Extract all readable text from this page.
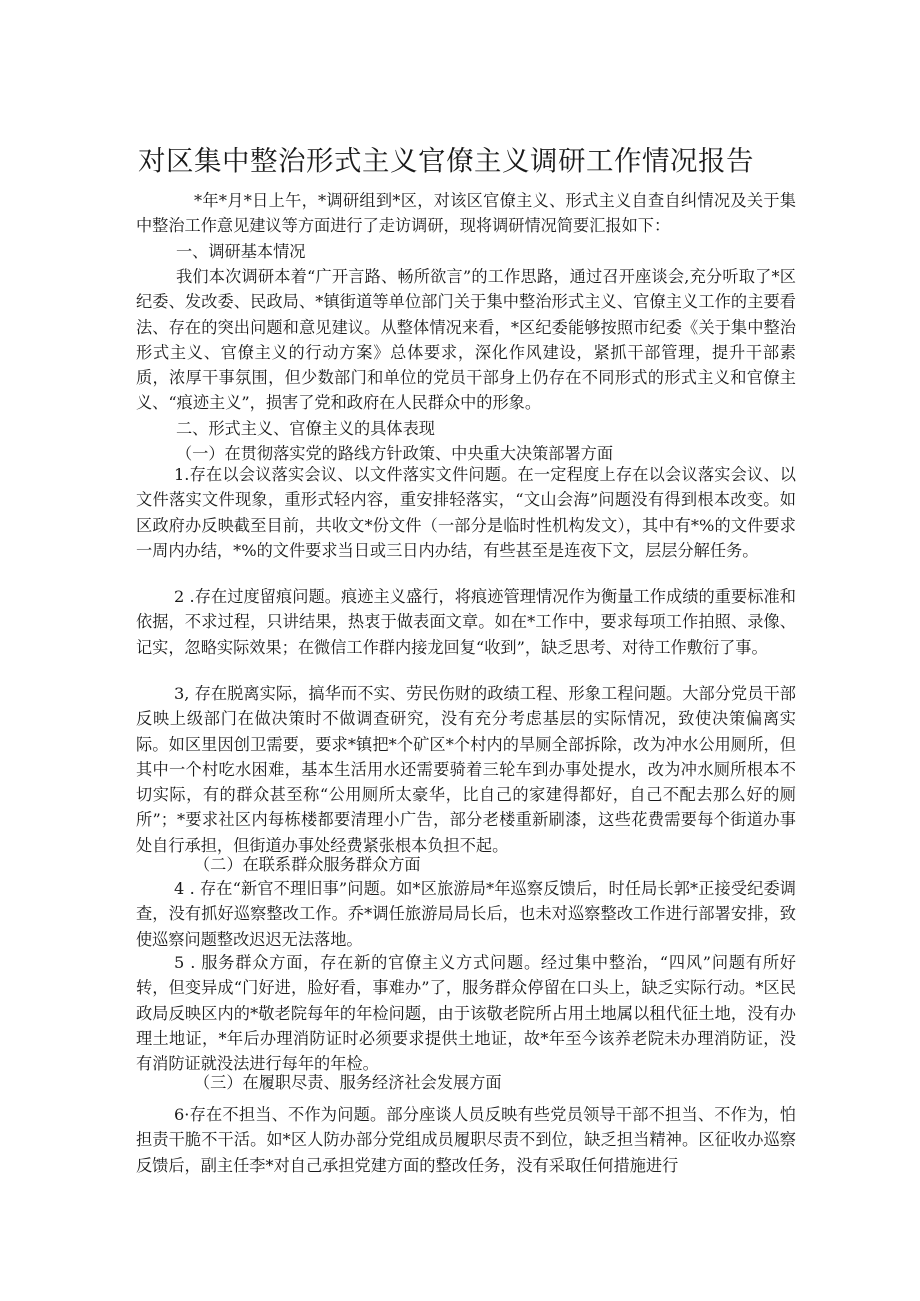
对区集中整治形式主义官僚主义调研工作情况报告
*年*月*日上午，*调研组到*区，对该区官僚主义、形式主义自查自纠情况及关于集中整治工作意见建议等方面进行了走访调研，现将调研情况简要汇报如下：
一、调研基本情况
我们本次调研本着“广开言路、畅所欲言”的工作思路，通过召开座谈会,充分听取了*区纪委、发改委、民政局、*镇街道等单位部门关于集中整治形式主义、官僚主义工作的主要看法、存在的突出问题和意见建议。从整体情况来看，*区纪委能够按照市纪委《关于集中整治形式主义、官僚主义的行动方案》总体要求，深化作风建设，紧抓干部管理，提升干部素质，浓厚干事氛围，但少数部门和单位的党员干部身上仍存在不同形式的形式主义和官僚主义、“痕迹主义”，损害了党和政府在人民群众中的形象。
二、形式主义、官僚主义的具体表现
（一）在贯彻落实党的路线方针政策、中央重大决策部署方面
1.存在以会议落实会议、以文件落实文件问题。在一定程度上存在以会议落实会议、以文件落实文件现象，重形式轻内容，重安排轻落实，“文山会海”问题没有得到根本改变。如区政府办反映截至目前，共收文*份文件（一部分是临时性机构发文），其中有*%的文件要求一周内办结，*%的文件要求当日或三日内办结，有些甚至是连夜下文，层层分解任务。
2 .存在过度留痕问题。痕迹主义盛行，将痕迹管理情况作为衡量工作成绩的重要标准和依据，不求过程，只讲结果，热衷于做表面文章。如在*工作中，要求每项工作拍照、录像、记实，忽略实际效果；在微信工作群内接龙回复“收到”，缺乏思考、对待工作敷衍了事。
3, 存在脱离实际，搞华而不实、劳民伤财的政绩工程、形象工程问题。大部分党员干部反映上级部门在做决策时不做调查研究，没有充分考虑基层的实际情况，致使决策偏离实际。如区里因创卫需要，要求*镇把*个矿区*个村内的旱厕全部拆除，改为冲水公用厕所，但其中一个村吃水困难，基本生活用水还需要骑着三轮车到办事处提水，改为冲水厕所根本不切实际，有的群众甚至称“公用厕所太豪华，比自己的家建得都好，自己不配去那么好的厕所”；*要求社区内每栋楼都要清理小广告，部分老楼重新刷漆，这些花费需要每个街道办事处自行承担，但街道办事处经费紧张根本负担不起。
（二）在联系群众服务群众方面
4 . 存在“新官不理旧事”问题。如*区旅游局*年巡察反馈后，时任局长郭*正接受纪委调查，没有抓好巡察整改工作。乔*调任旅游局局长后，也未对巡察整改工作进行部署安排，致使巡察问题整改迟迟无法落地。
5 . 服务群众方面，存在新的官僚主义方式问题。经过集中整治，“四风”问题有所好转，但变异成“门好进，脸好看，事难办”了，服务群众停留在口头上，缺乏实际行动。*区民政局反映区内的*敬老院每年的年检问题，由于该敬老院所占用土地属以租代征土地，没有办理土地证，*年后办理消防证时必须要求提供土地证，故*年至今该养老院未办理消防证，没有消防证就没法进行每年的年检。
（三）在履职尽责、服务经济社会发展方面
6·存在不担当、不作为问题。部分座谈人员反映有些党员领导干部不担当、不作为，怕担责干脆不干活。如*区人防办部分党组成员履职尽责不到位，缺乏担当精神。区征收办巡察反馈后，副主任李*对自己承担党建方面的整改任务，没有采取任何措施进行
